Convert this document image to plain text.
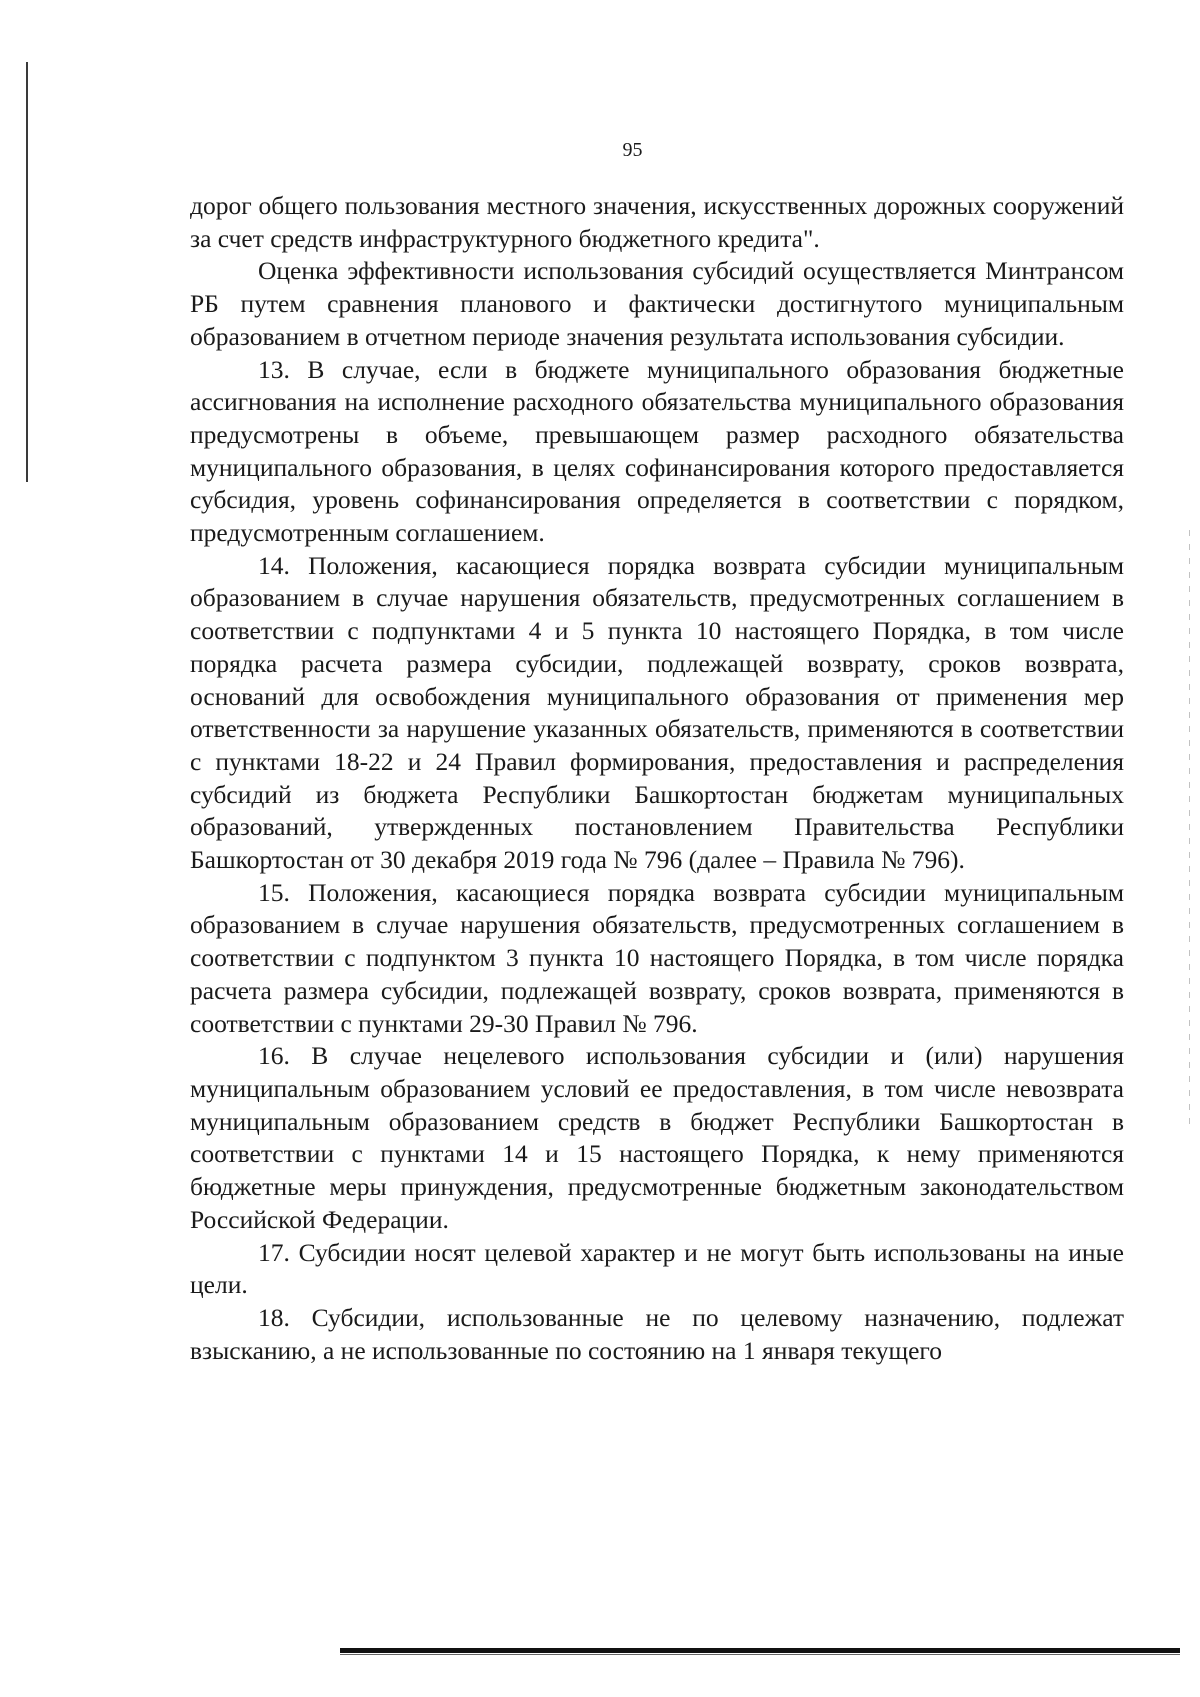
95

дорог общего пользования местного значения, искусственных дорожных сооружений за счет средств инфраструктурного бюджетного кредита".

Оценка эффективности использования субсидий осуществляется Минтрансом РБ путем сравнения планового и фактически достигнутого муниципальным образованием в отчетном периоде значения результата использования субсидии.

13. В случае, если в бюджете муниципального образования бюджетные ассигнования на исполнение расходного обязательства муниципального образования предусмотрены в объеме, превышающем размер расходного обязательства муниципального образования, в целях софинансирования которого предоставляется субсидия, уровень софинансирования определяется в соответствии с порядком, предусмотренным соглашением.

14. Положения, касающиеся порядка возврата субсидии муниципальным образованием в случае нарушения обязательств, предусмотренных соглашением в соответствии с подпунктами 4 и 5 пункта 10 настоящего Порядка, в том числе порядка расчета размера субсидии, подлежащей возврату, сроков возврата, оснований для освобождения муниципального образования от применения мер ответственности за нарушение указанных обязательств, применяются в соответствии с пунктами 18-22 и 24 Правил формирования, предоставления и распределения субсидий из бюджета Республики Башкортостан бюджетам муниципальных образований, утвержденных постановлением Правительства Республики Башкортостан от 30 декабря 2019 года № 796 (далее – Правила № 796).

15. Положения, касающиеся порядка возврата субсидии муниципальным образованием в случае нарушения обязательств, предусмотренных соглашением в соответствии с подпунктом 3 пункта 10 настоящего Порядка, в том числе порядка расчета размера субсидии, подлежащей возврату, сроков возврата, применяются в соответствии с пунктами 29-30 Правил № 796.

16. В случае нецелевого использования субсидии и (или) нарушения муниципальным образованием условий ее предоставления, в том числе невозврата муниципальным образованием средств в бюджет Республики Башкортостан в соответствии с пунктами 14 и 15 настоящего Порядка, к нему применяются бюджетные меры принуждения, предусмотренные бюджетным законодательством Российской Федерации.

17. Субсидии носят целевой характер и не могут быть использованы на иные цели.

18. Субсидии, использованные не по целевому назначению, подлежат взысканию, а не использованные по состоянию на 1 января текущего
